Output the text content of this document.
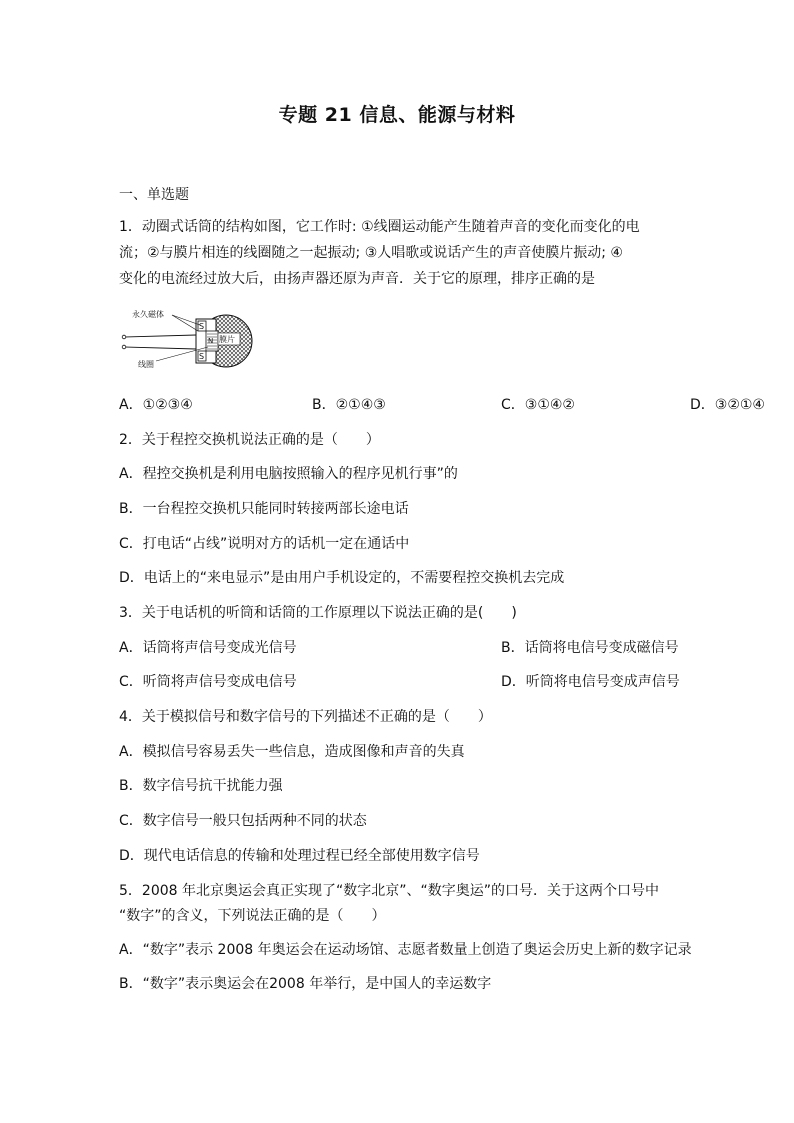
专题 21 信息、能源与材料
一、单选题
1．动圈式话筒的结构如图，它工作时: ①线圈运动能产生随着声音的变化而变化的电
流；②与膜片相连的线圈随之一起振动; ③人唱歌或说话产生的声音使膜片振动; ④
变化的电流经过放大后，由扬声器还原为声音．关于它的原理，排序正确的是
永久磁体
线圈
膜片
S
S
N
A．①②③④	B．②①④③	C．③①④②	D．③②①④
2．关于程控交换机说法正确的是（　　）
A．程控交换机是利用电脑按照输入的程序见机行事”的
B．一台程控交换机只能同时转接两部长途电话
C．打电话“占线”说明对方的话机一定在通话中
D．电话上的“来电显示”是由用户手机设定的，不需要程控交换机去完成
3．关于电话机的听筒和话筒的工作原理以下说法正确的是(　　)
A．话筒将声信号变成光信号	B．话筒将电信号变成磁信号
C．听筒将声信号变成电信号	D．听筒将电信号变成声信号
4．关于模拟信号和数字信号的下列描述不正确的是（　　）
A．模拟信号容易丢失一些信息，造成图像和声音的失真
B．数字信号抗干扰能力强
C．数字信号一般只包括两种不同的状态
D．现代电话信息的传输和处理过程已经全部使用数字信号
5．2008 年北京奥运会真正实现了“数字北京”、“数字奥运”的口号．关于这两个口号中
“数字”的含义，下列说法正确的是（　　）
A．“数字”表示 2008 年奥运会在运动场馆、志愿者数量上创造了奥运会历史上新的数字记录
B．“数字”表示奥运会在2008 年举行，是中国人的幸运数字
